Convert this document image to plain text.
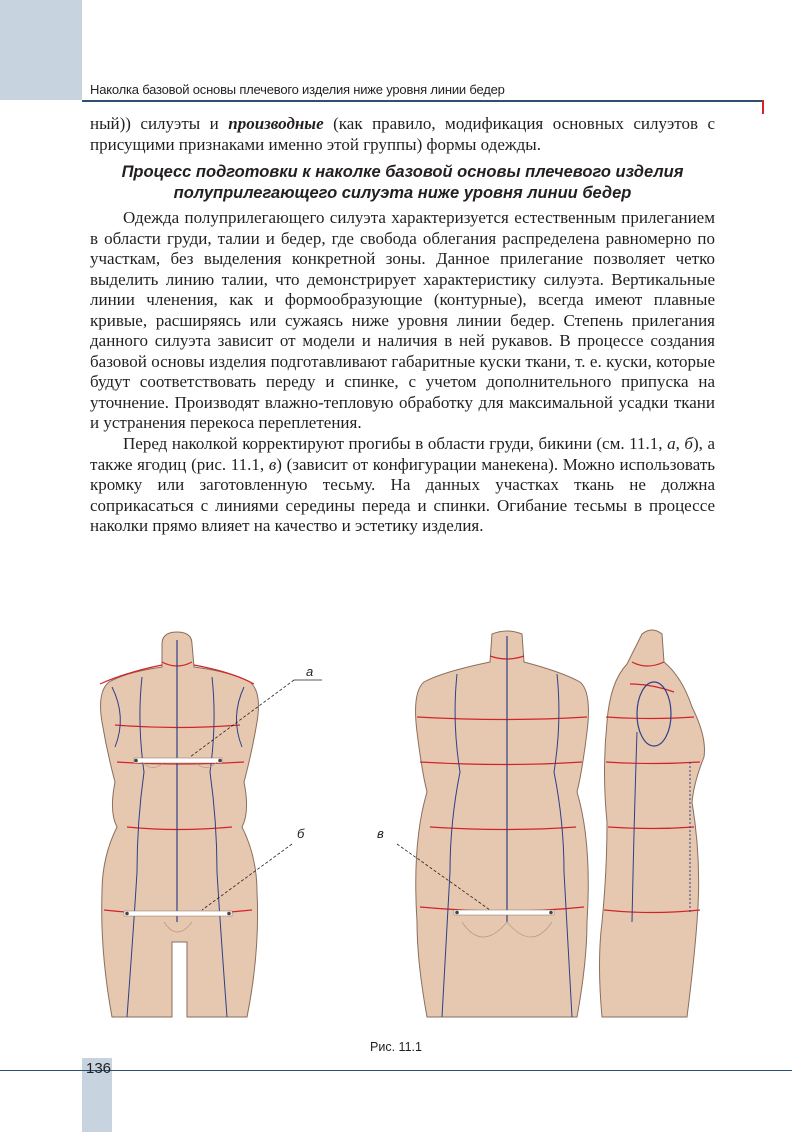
Наколка базовой основы плечевого изделия ниже уровня линии бедер

ный)) силуэты и производные (как правило, модификация основных силуэтов с присущими признаками именно этой группы) формы одежды.

Процесс подготовки к наколке базовой основы плечевого изделия
полуприлегающего силуэта ниже уровня линии бедер

Одежда полуприлегающего силуэта характеризуется естественным прилеганием в области груди, талии и бедер, где свобода облегания распределена равномерно по участкам, без выделения конкретной зоны. Данное прилегание позволяет четко выделить линию талии, что демонстрирует характеристику силуэта. Вертикальные линии членения, как и формообразующие (контурные), всегда имеют плавные кривые, расширяясь или сужаясь ниже уровня линии бедер. Степень прилегания данного силуэта зависит от модели и наличия в ней рукавов. В процессе создания базовой основы изделия подготавливают габаритные куски ткани, т. е. куски, которые будут соответствовать переду и спинке, с учетом дополнительного припуска на уточнение. Производят влажно-тепловую обработку для максимальной усадки ткани и устранения перекоса переплетения.

Перед наколкой корректируют прогибы в области груди, бикини (см. 11.1, а, б), а также ягодиц (рис. 11.1, в) (зависит от конфигурации манекена). Можно использовать кромку или заготовленную тесьму. На данных участках ткань не должна соприкасаться с линиями середины переда и спинки. Огибание тесьмы в процессе наколки прямо влияет на качество и эстетику изделия.

а
б	в
Рис. 11.1
136
